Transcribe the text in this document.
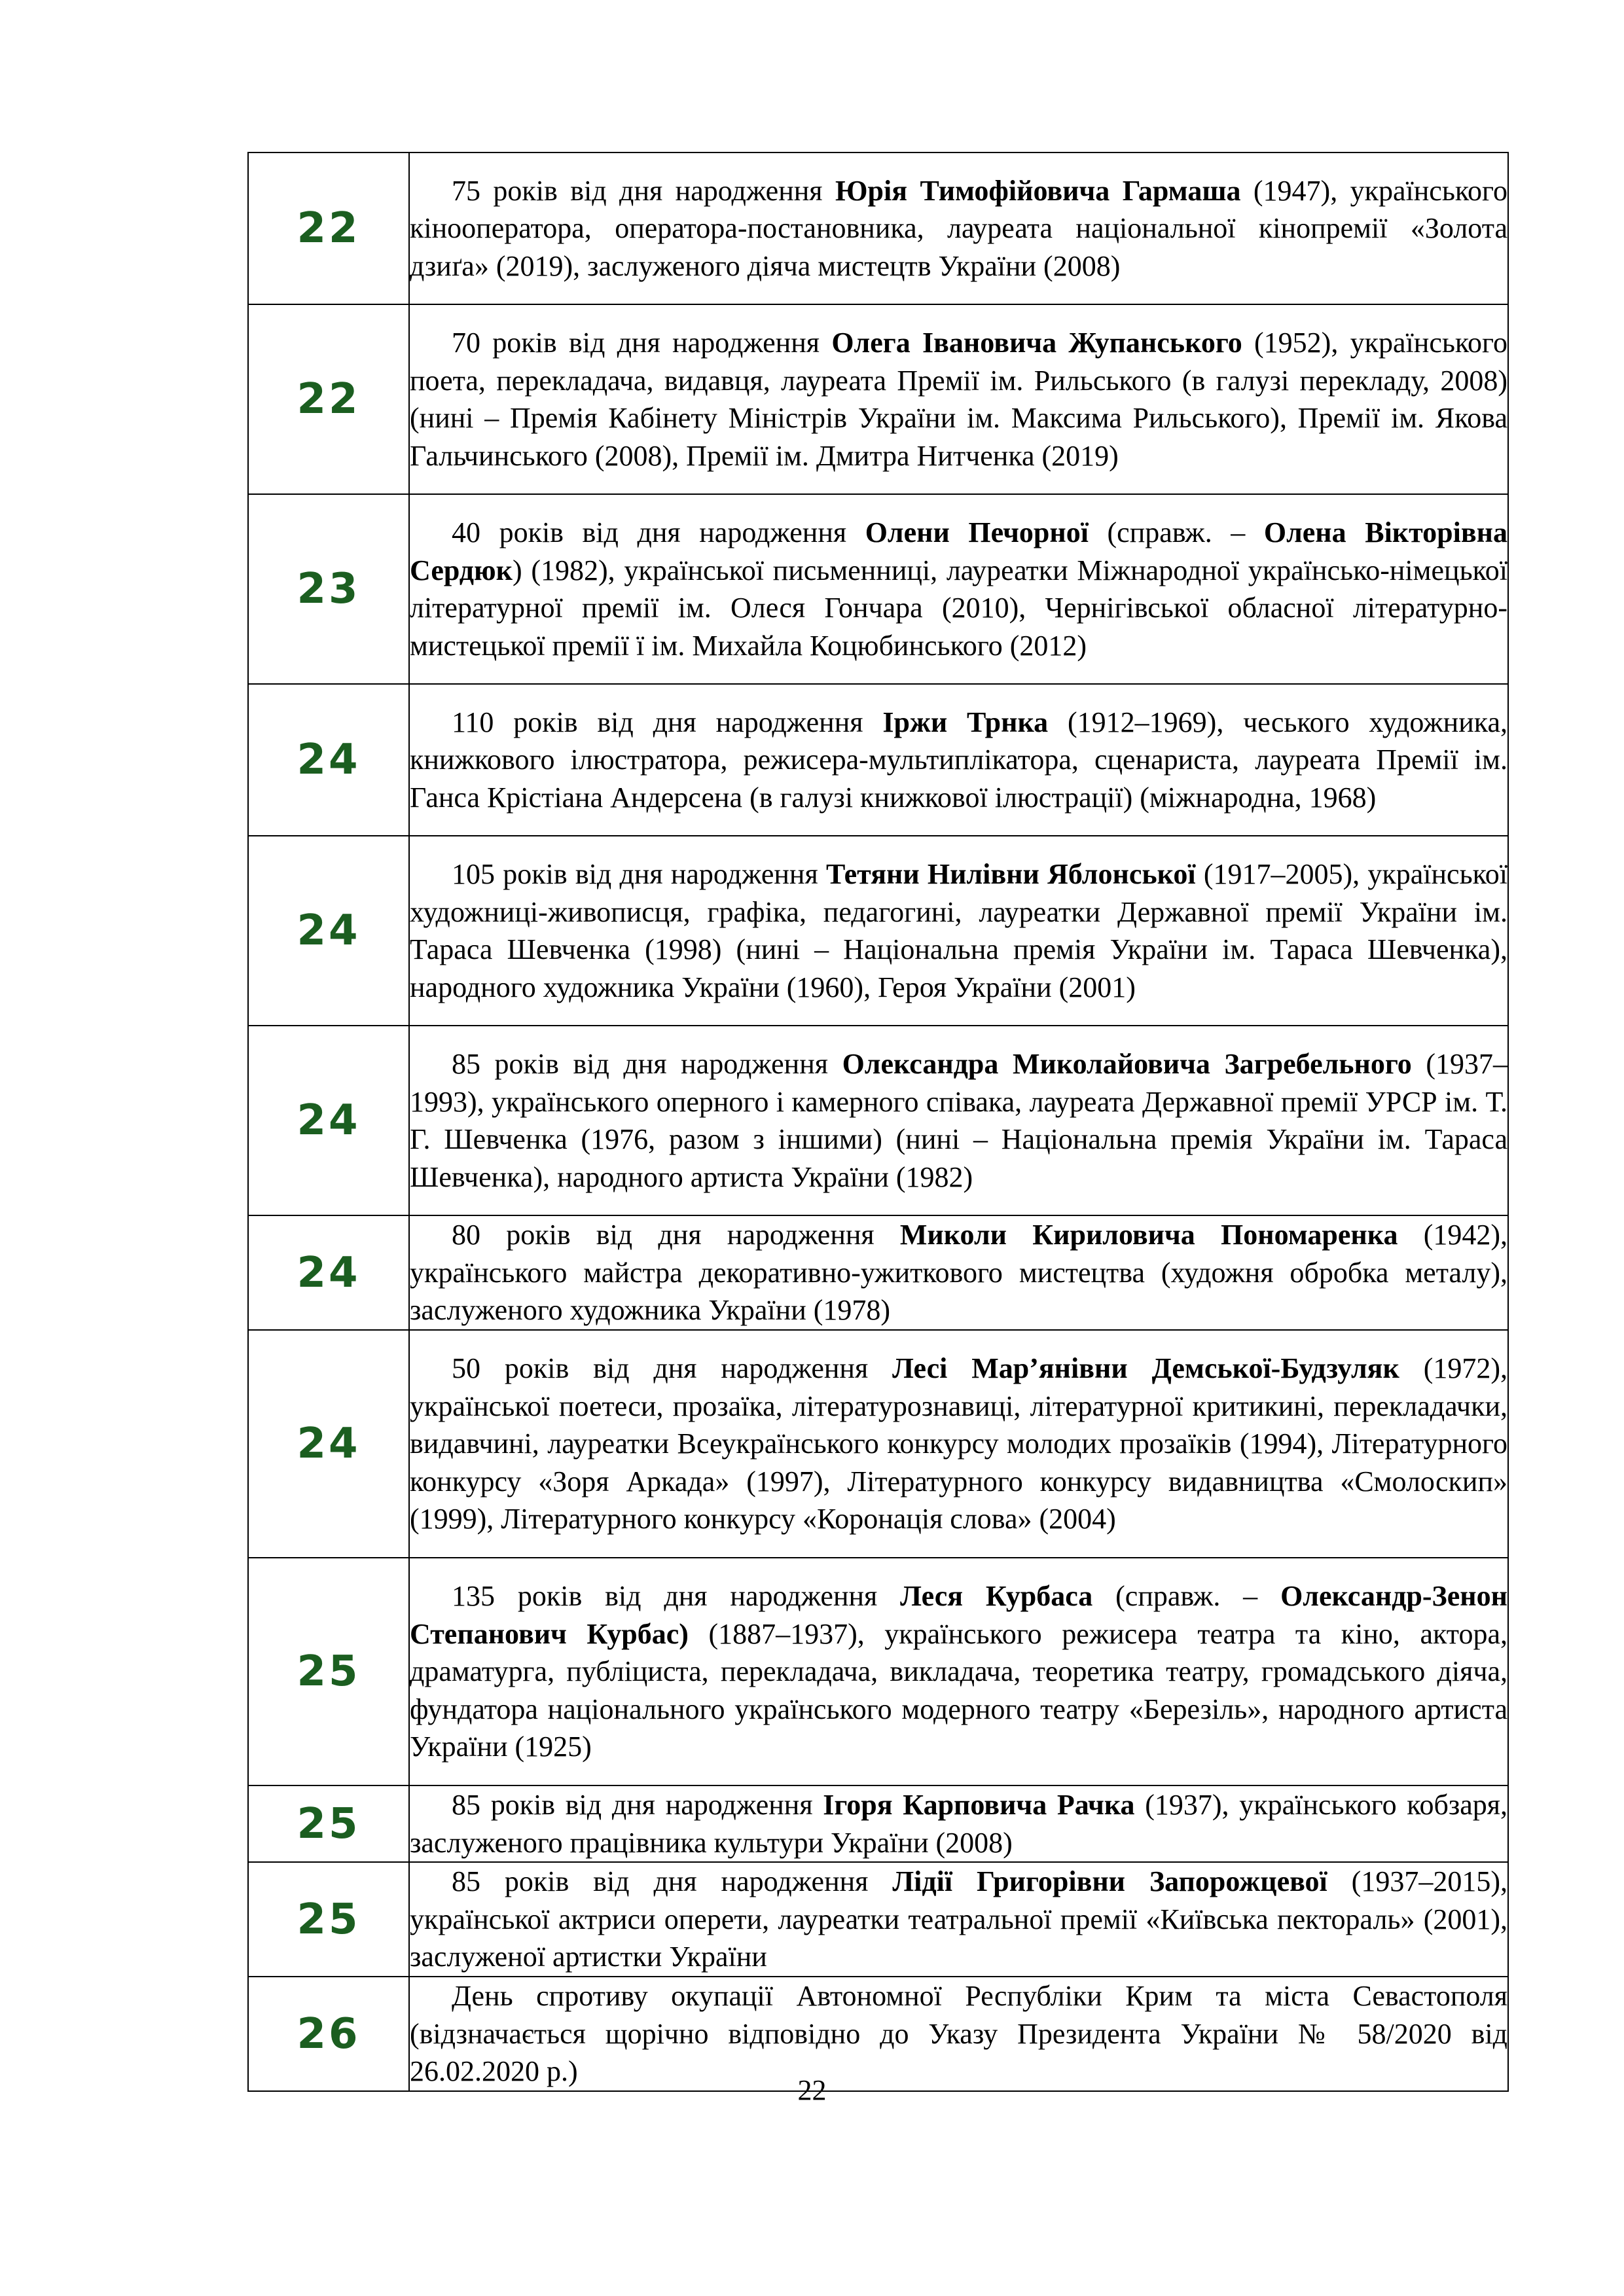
22	75 років від дня народження Юрія Тимофійовича Гармаша (1947), українського кінооператора, оператора-постановника, лауреата національної кінопремії «Золота дзиґа» (2019), заслуженого діяча мистецтв України (2008)
22	70 років від дня народження Олега Івановича Жупанського (1952), українського поета, перекладача, видавця, лауреата Премії ім. Рильського (в галузі перекладу, 2008) (нині – Премія Кабінету Міністрів України ім. Максима Рильського), Премії ім. Якова Гальчинського (2008), Премії ім. Дмитра Нитченка (2019)
23	40 років від дня народження Олени Печорної (справж. – Олена Вікторівна Сердюк) (1982), української письменниці, лауреатки Міжнародної українсько-німецької літературної премії ім. Олеся Гончара (2010), Чернігівської обласної літературно-мистецької премії ї ім. Михайла Коцюбинського (2012)
24	110 років від дня народження Іржи Трнка (1912–1969), чеського художника, книжкового ілюстратора, режисера-мультиплікатора, сценариста, лауреата Премії ім. Ганса Крістіана Андерсена (в галузі книжкової ілюстрації) (міжнародна, 1968)
24	105 років від дня народження Тетяни Нилівни Яблонської (1917–2005), української художниці-живописця, графіка, педагогині, лауреатки Державної премії України ім. Тараса Шевченка (1998) (нині – Національна премія України ім. Тараса Шевченка), народного художника України (1960), Героя України (2001)
24	85 років від дня народження Олександра Миколайовича Загребельного (1937–1993), українського оперного і камерного співака, лауреата Державної премії УРСР ім. Т. Г. Шевченка (1976, разом з іншими) (нині – Національна премія України ім. Тараса Шевченка), народного артиста України (1982)
24	80 років від дня народження Миколи Кириловича Пономаренка (1942), українського майстра декоративно-ужиткового мистецтва (художня обробка металу), заслуженого художника України (1978)
24	50 років від дня народження Лесі Мар’янівни Демської-Будзуляк (1972), української поетеси, прозаїка, літературознавиці, літературної критикині, перекладачки, видавчині, лауреатки Всеукраїнського конкурсу молодих прозаїків (1994), Літературного конкурсу «Зоря Аркада» (1997), Літературного конкурсу видавництва «Смолоскип» (1999), Літературного конкурсу «Коронація слова» (2004)
25	135 років від дня народження Леся Курбаса (справж. – Олександр-Зенон Степанович Курбас) (1887–1937), українського режисера театра та кіно, актора, драматурга, публіциста, перекладача, викладача, теоретика театру, громадського діяча, фундатора національного українського модерного театру «Березіль», народного артиста України (1925)
25	85 років від дня народження Ігоря Карповича Рачка (1937), українського кобзаря, заслуженого працівника культури України (2008)
25	85 років від дня народження Лідії Григорівни Запорожцевої (1937–2015), української актриси оперети, лауреатки театральної премії «Київська пектораль» (2001), заслуженої артистки України
26	День спротиву окупації Автономної Республіки Крим та міста Севастополя (відзначається щорічно відповідно до Указу Президента України № 58/2020 від 26.02.2020 р.)
22
